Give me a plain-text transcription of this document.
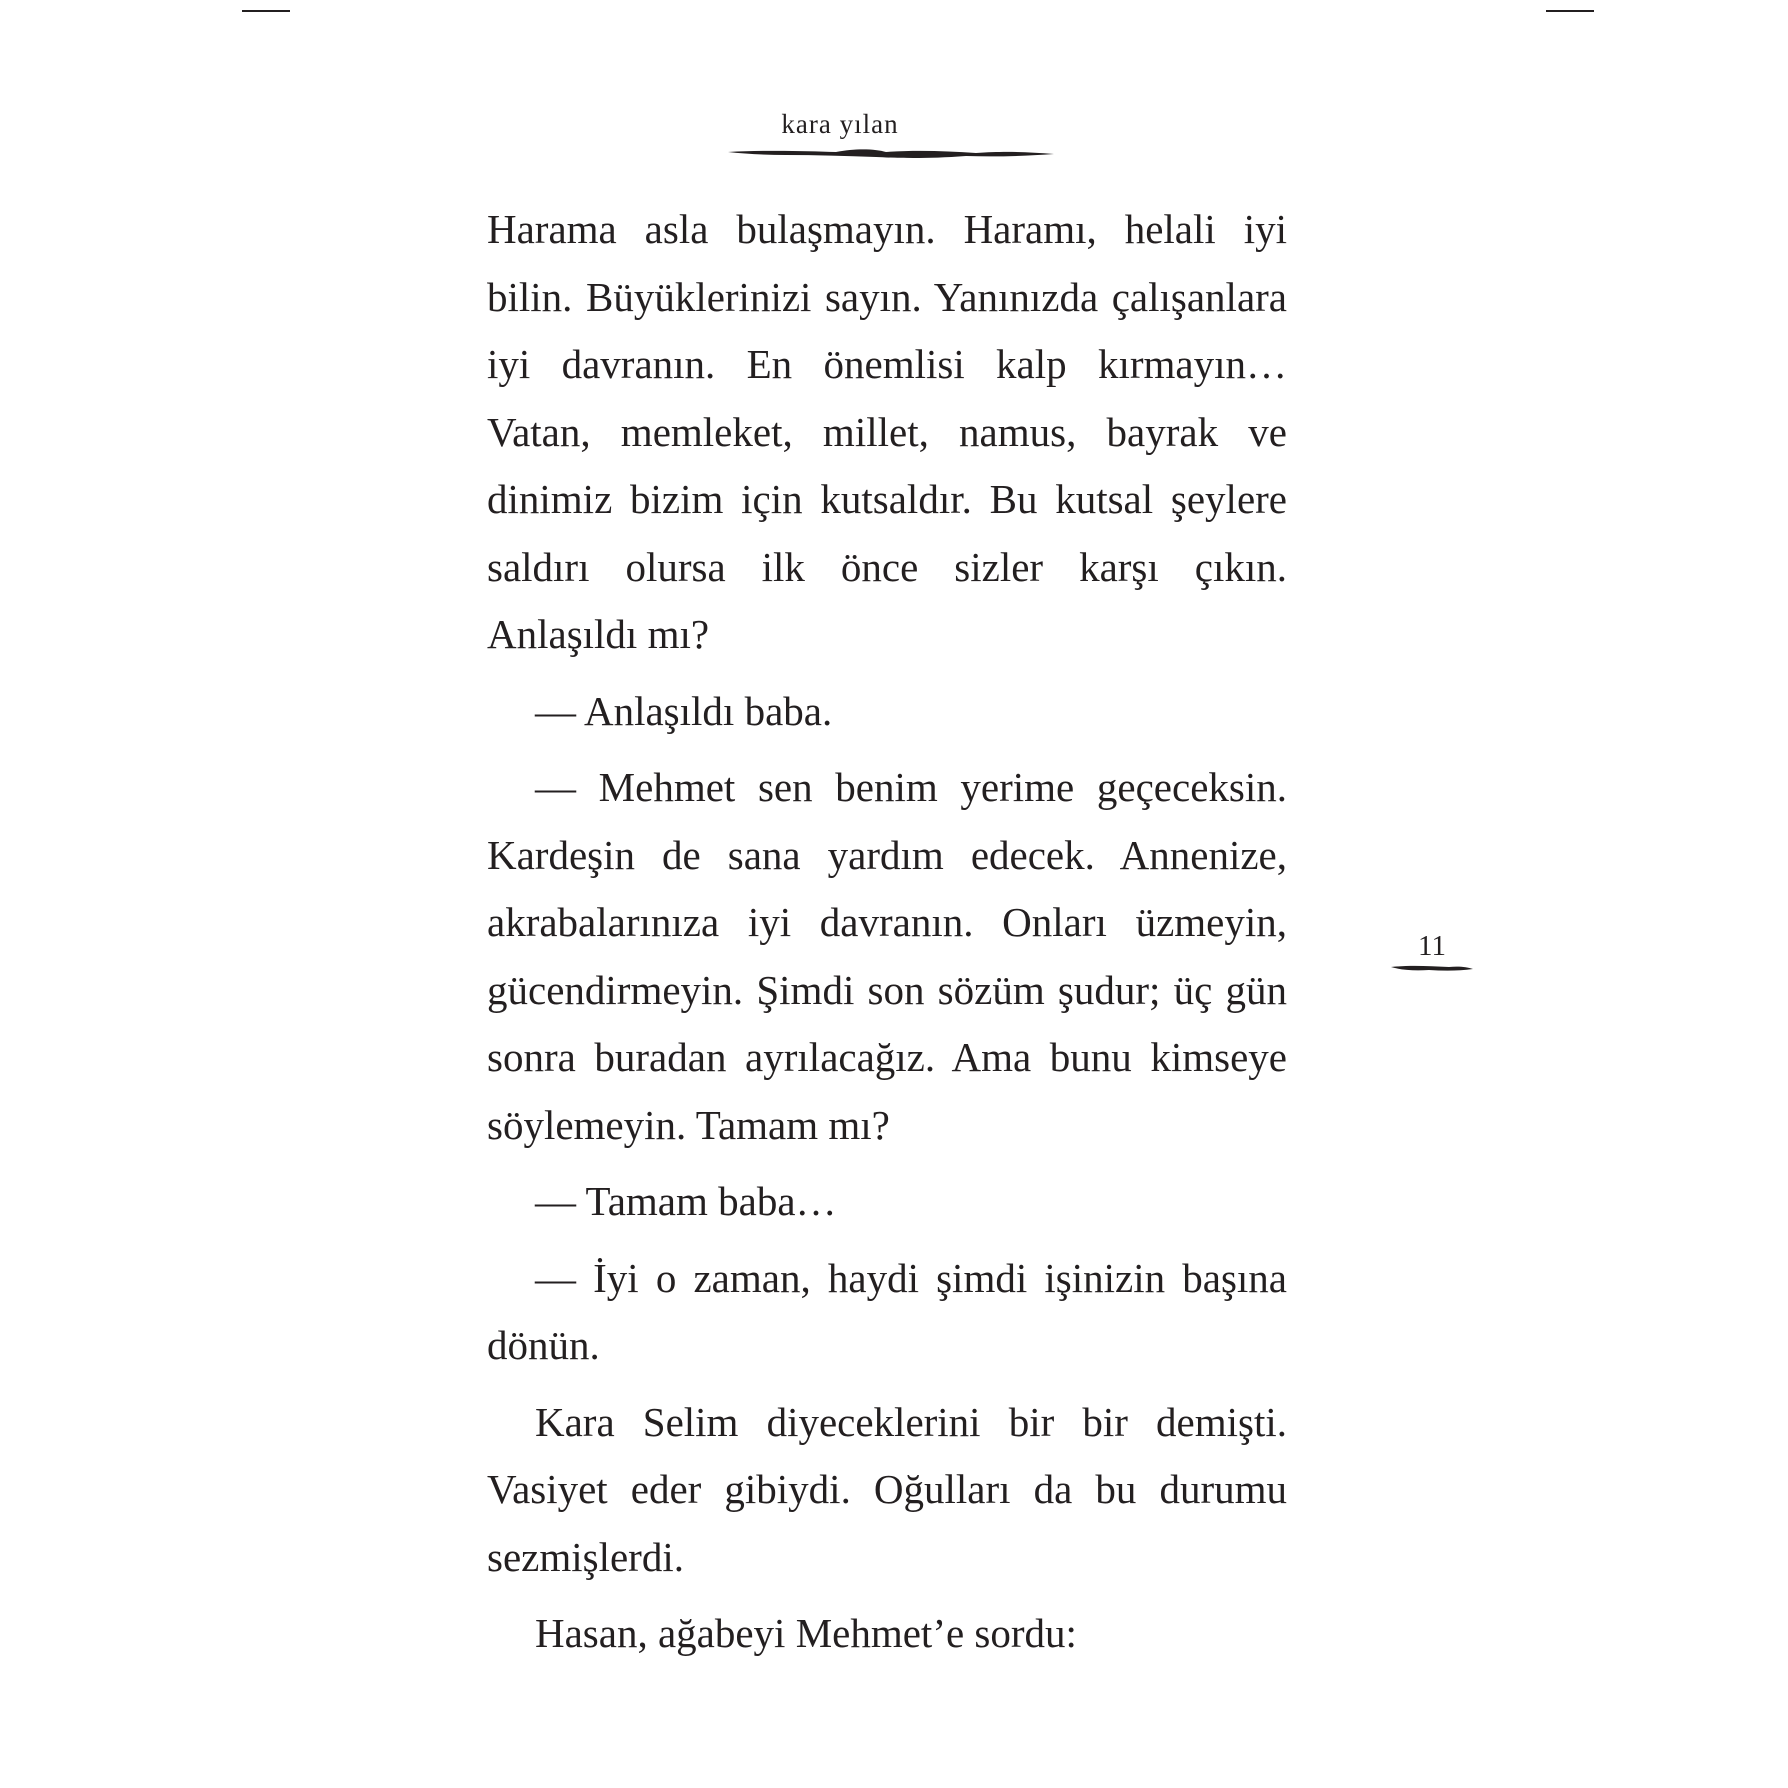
kara yılan

Harama asla bulaşmayın. Haramı, helali iyi bilin. Büyüklerinizi sayın. Yanınızda çalışanlara iyi davranın. En önemlisi kalp kırmayın… Vatan, memleket, millet, namus, bayrak ve dinimiz bizim için kutsaldır. Bu kutsal şeylere saldırı olursa ilk önce sizler karşı çıkın. Anlaşıldı mı?

— Anlaşıldı baba.

— Mehmet sen benim yerime geçeceksin. Kardeşin de sana yardım edecek. Annenize, akrabalarınıza iyi davranın. Onları üzmeyin, gücendirmeyin. Şimdi son sözüm şudur; üç gün sonra buradan ayrılacağız. Ama bunu kimseye söylemeyin. Tamam mı?

— Tamam baba…

— İyi o zaman, haydi şimdi işinizin başına dönün.

Kara Selim diyeceklerini bir bir demişti. Vasiyet eder gibiydi. Oğulları da bu durumu sezmişlerdi.

Hasan, ağabeyi Mehmet’e sordu:

11
